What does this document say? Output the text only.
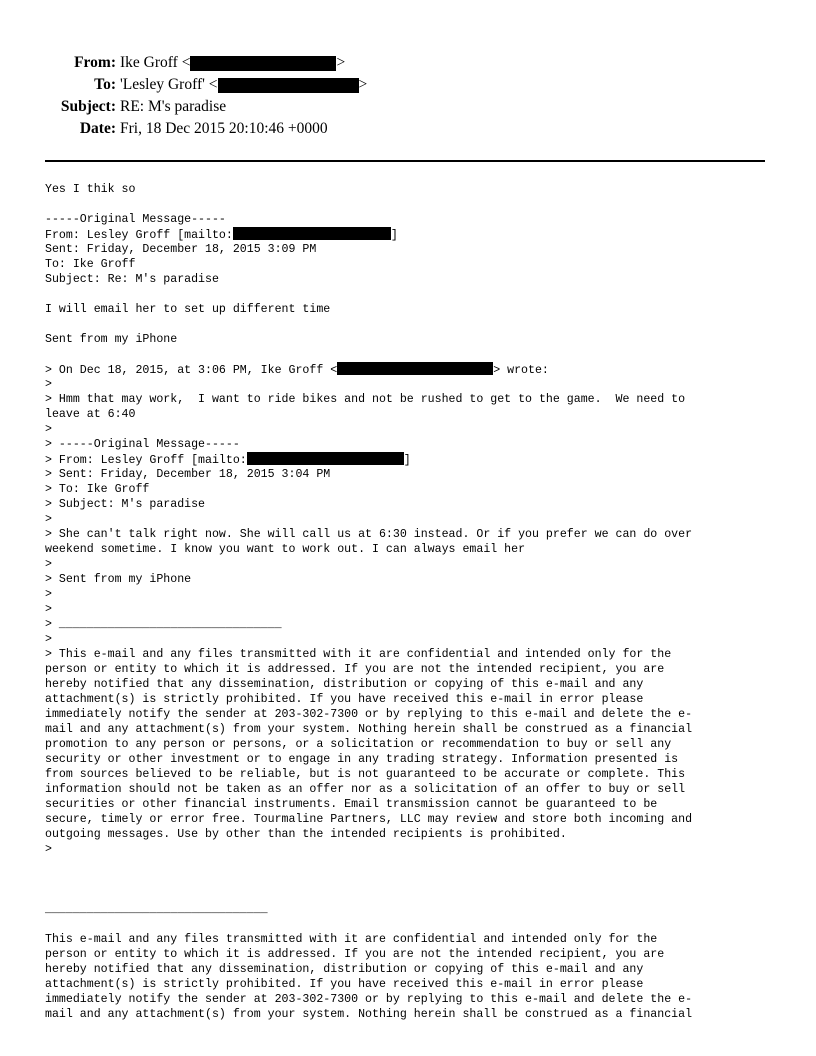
From: Ike Groff <	>
To: 'Lesley Groff' <	>
Subject: RE: M's paradise
Date: Fri, 18 Dec 2015 20:10:46 +0000
Yes I thik so
-----Original Message-----
From: Lesley Groff [mailto:	]
Sent: Friday, December 18, 2015 3:09 PM
To: Ike Groff
Subject: Re: M's paradise
I will email her to set up different time
Sent from my iPhone
> On Dec 18, 2015, at 3:06 PM, Ike Groff <	> wrote:
>
> Hmm that may work,  I want to ride bikes and not be rushed to get to the game.  We need to
leave at 6:40
>
> -----Original Message-----
> From: Lesley Groff [mailto:	]
> Sent: Friday, December 18, 2015 3:04 PM
> To: Ike Groff
> Subject: M's paradise
>
> She can't talk right now. She will call us at 6:30 instead. Or if you prefer we can do over
weekend sometime. I know you want to work out. I can always email her
>
> Sent from my iPhone
>
>
> ________________________________
>
> This e-mail and any files transmitted with it are confidential and intended only for the
person or entity to which it is addressed. If you are not the intended recipient, you are
hereby notified that any dissemination, distribution or copying of this e-mail and any
attachment(s) is strictly prohibited. If you have received this e-mail in error please
immediately notify the sender at 203-302-7300 or by replying to this e-mail and delete the e-
mail and any attachment(s) from your system. Nothing herein shall be construed as a financial
promotion to any person or persons, or a solicitation or recommendation to buy or sell any
security or other investment or to engage in any trading strategy. Information presented is
from sources believed to be reliable, but is not guaranteed to be accurate or complete. This
information should not be taken as an offer nor as a solicitation of an offer to buy or sell
securities or other financial instruments. Email transmission cannot be guaranteed to be
secure, timely or error free. Tourmaline Partners, LLC may review and store both incoming and
outgoing messages. Use by other than the intended recipients is prohibited.
>
________________________________
This e-mail and any files transmitted with it are confidential and intended only for the
person or entity to which it is addressed. If you are not the intended recipient, you are
hereby notified that any dissemination, distribution or copying of this e-mail and any
attachment(s) is strictly prohibited. If you have received this e-mail in error please
immediately notify the sender at 203-302-7300 or by replying to this e-mail and delete the e-
mail and any attachment(s) from your system. Nothing herein shall be construed as a financial
